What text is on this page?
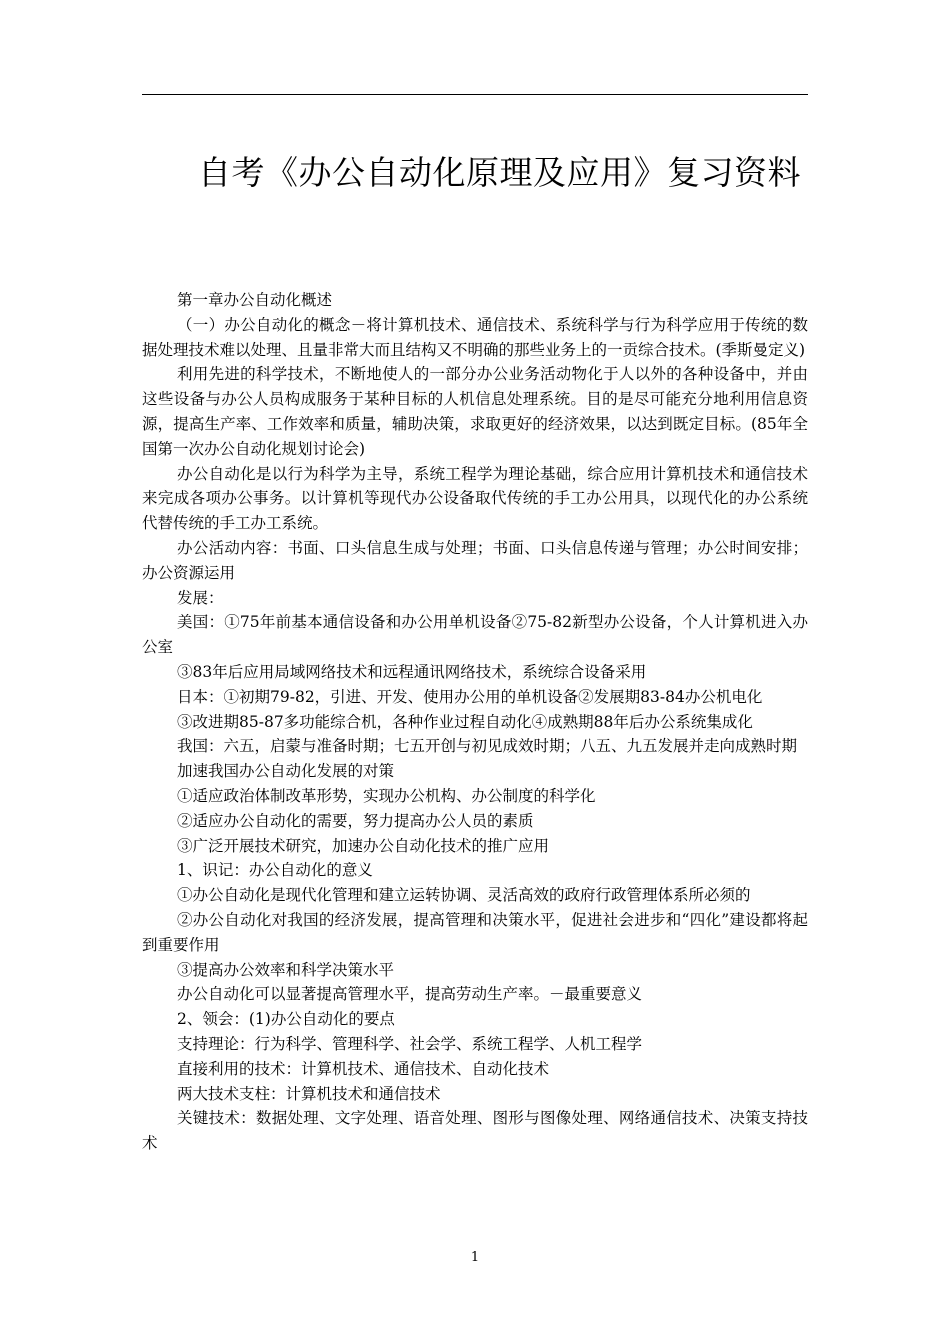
自考《办公自动化原理及应用》复习资料

第一章办公自动化概述

（一）办公自动化的概念－将计算机技术、通信技术、系统科学与行为科学应用于传统的数据处理技术难以处理、且量非常大而且结构又不明确的那些业务上的一贡综合技术。(季斯曼定义)

利用先进的科学技术，不断地使人的一部分办公业务活动物化于人以外的各种设备中，并由这些设备与办公人员构成服务于某种目标的人机信息处理系统。目的是尽可能充分地利用信息资源，提高生产率、工作效率和质量，辅助决策，求取更好的经济效果，以达到既定目标。(85年全国第一次办公自动化规划讨论会)

办公自动化是以行为科学为主导，系统工程学为理论基础，综合应用计算机技术和通信技术来完成各项办公事务。以计算机等现代办公设备取代传统的手工办公用具，以现代化的办公系统代替传统的手工办工系统。

办公活动内容：书面、口头信息生成与处理；书面、口头信息传递与管理；办公时间安排；办公资源运用

发展：

美国：①75年前基本通信设备和办公用单机设备②75-82新型办公设备，个人计算机进入办公室

③83年后应用局域网络技术和远程通讯网络技术，系统综合设备采用

日本：①初期79-82，引进、开发、使用办公用的单机设备②发展期83-84办公机电化

③改进期85-87多功能综合机，各种作业过程自动化④成熟期88年后办公系统集成化

我国：六五，启蒙与准备时期；七五开创与初见成效时期；八五、九五发展并走向成熟时期

加速我国办公自动化发展的对策

①适应政治体制改革形势，实现办公机构、办公制度的科学化

②适应办公自动化的需要，努力提高办公人员的素质

③广泛开展技术研究，加速办公自动化技术的推广应用

1、识记：办公自动化的意义

①办公自动化是现代化管理和建立运转协调、灵活高效的政府行政管理体系所必须的

②办公自动化对我国的经济发展，提高管理和决策水平，促进社会进步和“四化”建设都将起到重要作用

③提高办公效率和科学决策水平

办公自动化可以显著提高管理水平，提高劳动生产率。－最重要意义

2、领会：(1)办公自动化的要点

支持理论：行为科学、管理科学、社会学、系统工程学、人机工程学

直接利用的技术：计算机技术、通信技术、自动化技术

两大技术支柱：计算机技术和通信技术

关键技术：数据处理、文字处理、语音处理、图形与图像处理、网络通信技术、决策支持技术

1
